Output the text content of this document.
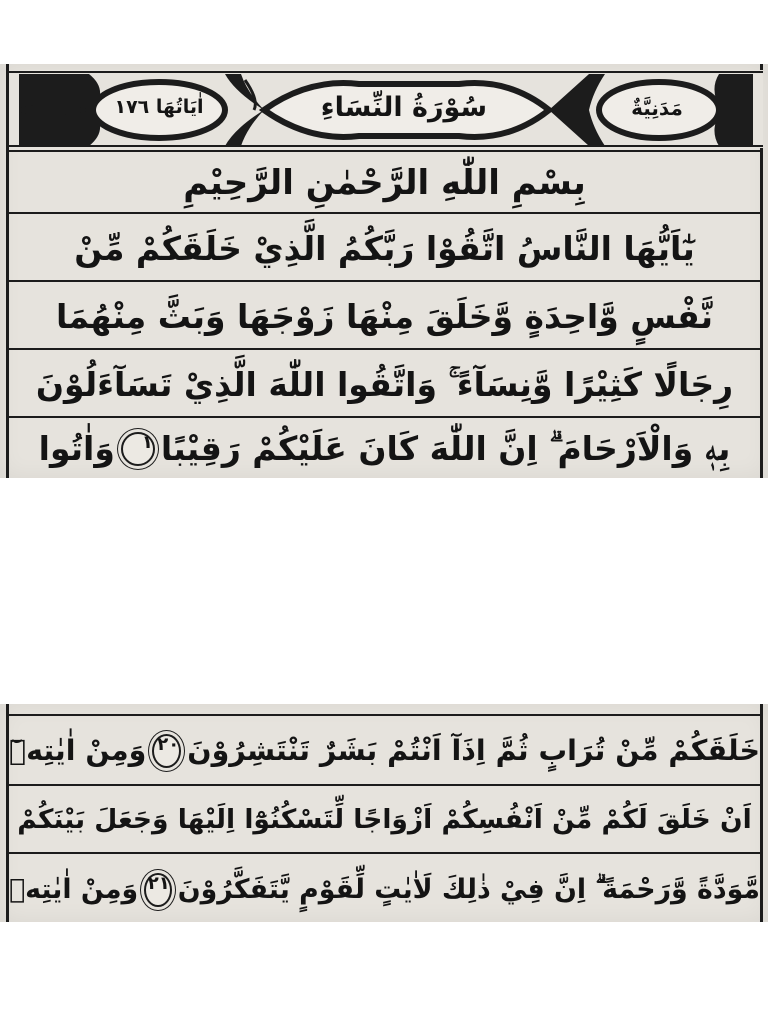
اٰيَاتُهَا ۱۷٦	سُوْرَةُ النِّسَاءِ	مَدَنِيَّةٌ
بِسْمِ اللّٰهِ الرَّحْمٰنِ الرَّحِيْمِ
يٰٓاَيُّهَا النَّاسُ اتَّقُوْا رَبَّكُمُ الَّذِيْ خَلَقَكُمْ مِّنْ
نَّفْسٍ وَّاحِدَةٍ وَّخَلَقَ مِنْهَا زَوْجَهَا وَبَثَّ مِنْهُمَا
رِجَالًا كَثِيْرًا وَّنِسَآءً ۚ وَاتَّقُوا اللّٰهَ الَّذِيْ تَسَآءَلُوْنَ
بِهٖ وَالْاَرْحَامَ ۗ اِنَّ اللّٰهَ كَانَ عَلَيْكُمْ رَقِيْبًا
١
وَاٰتُوا
خَلَقَكُمْ مِّنْ تُرَابٍ ثُمَّ اِذَآ اَنْتُمْ بَشَرٌ تَنْتَشِرُوْنَ
٢٠
وَمِنْ اٰيٰتِهٖٓ
اَنْ خَلَقَ لَكُمْ مِّنْ اَنْفُسِكُمْ اَزْوَاجًا لِّتَسْكُنُوْٓا اِلَيْهَا وَجَعَلَ بَيْنَكُمْ
مَّوَدَّةً وَّرَحْمَةً ۗ اِنَّ فِيْ ذٰلِكَ لَاٰيٰتٍ لِّقَوْمٍ يَّتَفَكَّرُوْنَ
٢١
وَمِنْ اٰيٰتِهٖ
